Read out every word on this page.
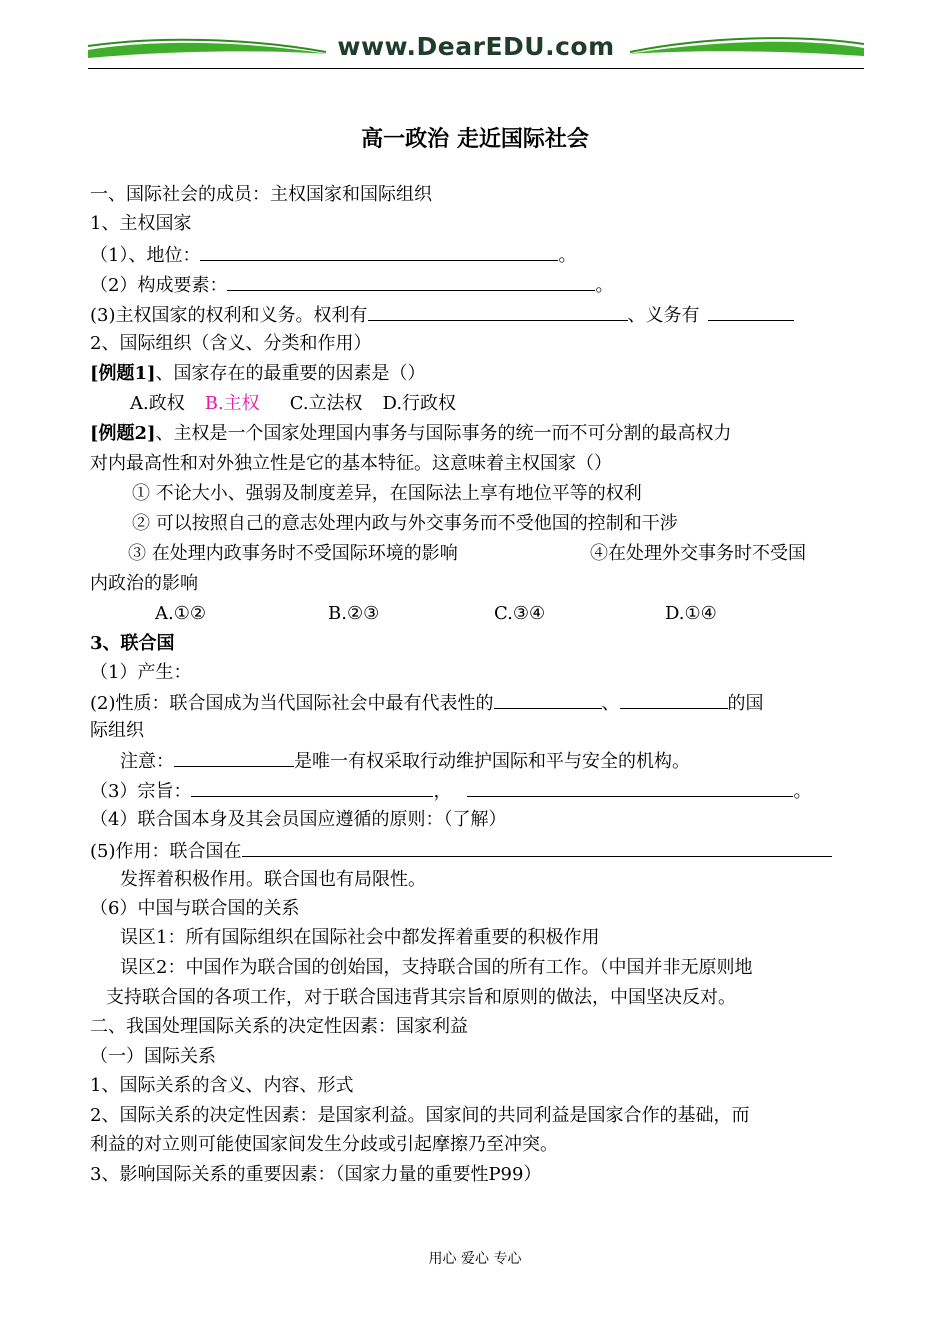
www.DearEDU.com
高一政治 走近国际社会
一、国际社会的成员：主权国家和国际组织
1、主权国家
（1）、地位：	。
（2）构成要素：	。
(3)主权国家的权利和义务。权利有	、义务有
2、国际组织（含义、分类和作用）
[例题1]、国家存在的最重要的因素是（）
A.政权 B.主权 C.立法权 D.行政权
[例题2]、主权是一个国家处理国内事务与国际事务的统一而不可分割的最高权力
对内最高性和对外独立性是它的基本特征。这意味着主权国家（）
① 不论大小、强弱及制度差异，在国际法上享有地位平等的权利
② 可以按照自己的意志处理内政与外交事务而不受他国的控制和干涉
③ 在处理内政事务时不受国际环境的影响	④在处理外交事务时不受国
内政治的影响
A.①②	B.②③	C.③④	D.①④
3、联合国
（1）产生：
(2)性质：联合国成为当代国际社会中最有代表性的	、	的国
际组织
注意：	是唯一有权采取行动维护国际和平与安全的机构。
（3）宗旨：	，	。
（4）联合国本身及其会员国应遵循的原则：（了解）
(5)作用：联合国在
发挥着积极作用。联合国也有局限性。
（6）中国与联合国的关系
误区1：所有国际组织在国际社会中都发挥着重要的积极作用
误区2：中国作为联合国的创始国，支持联合国的所有工作。（中国并非无原则地
支持联合国的各项工作，对于联合国违背其宗旨和原则的做法，中国坚决反对。
二、我国处理国际关系的决定性因素：国家利益
（一）国际关系
1、国际关系的含义、内容、形式
2、国际关系的决定性因素：是国家利益。国家间的共同利益是国家合作的基础，而
利益的对立则可能使国家间发生分歧或引起摩擦乃至冲突。
3、影响国际关系的重要因素：（国家力量的重要性P99）
用心 爱心 专心
